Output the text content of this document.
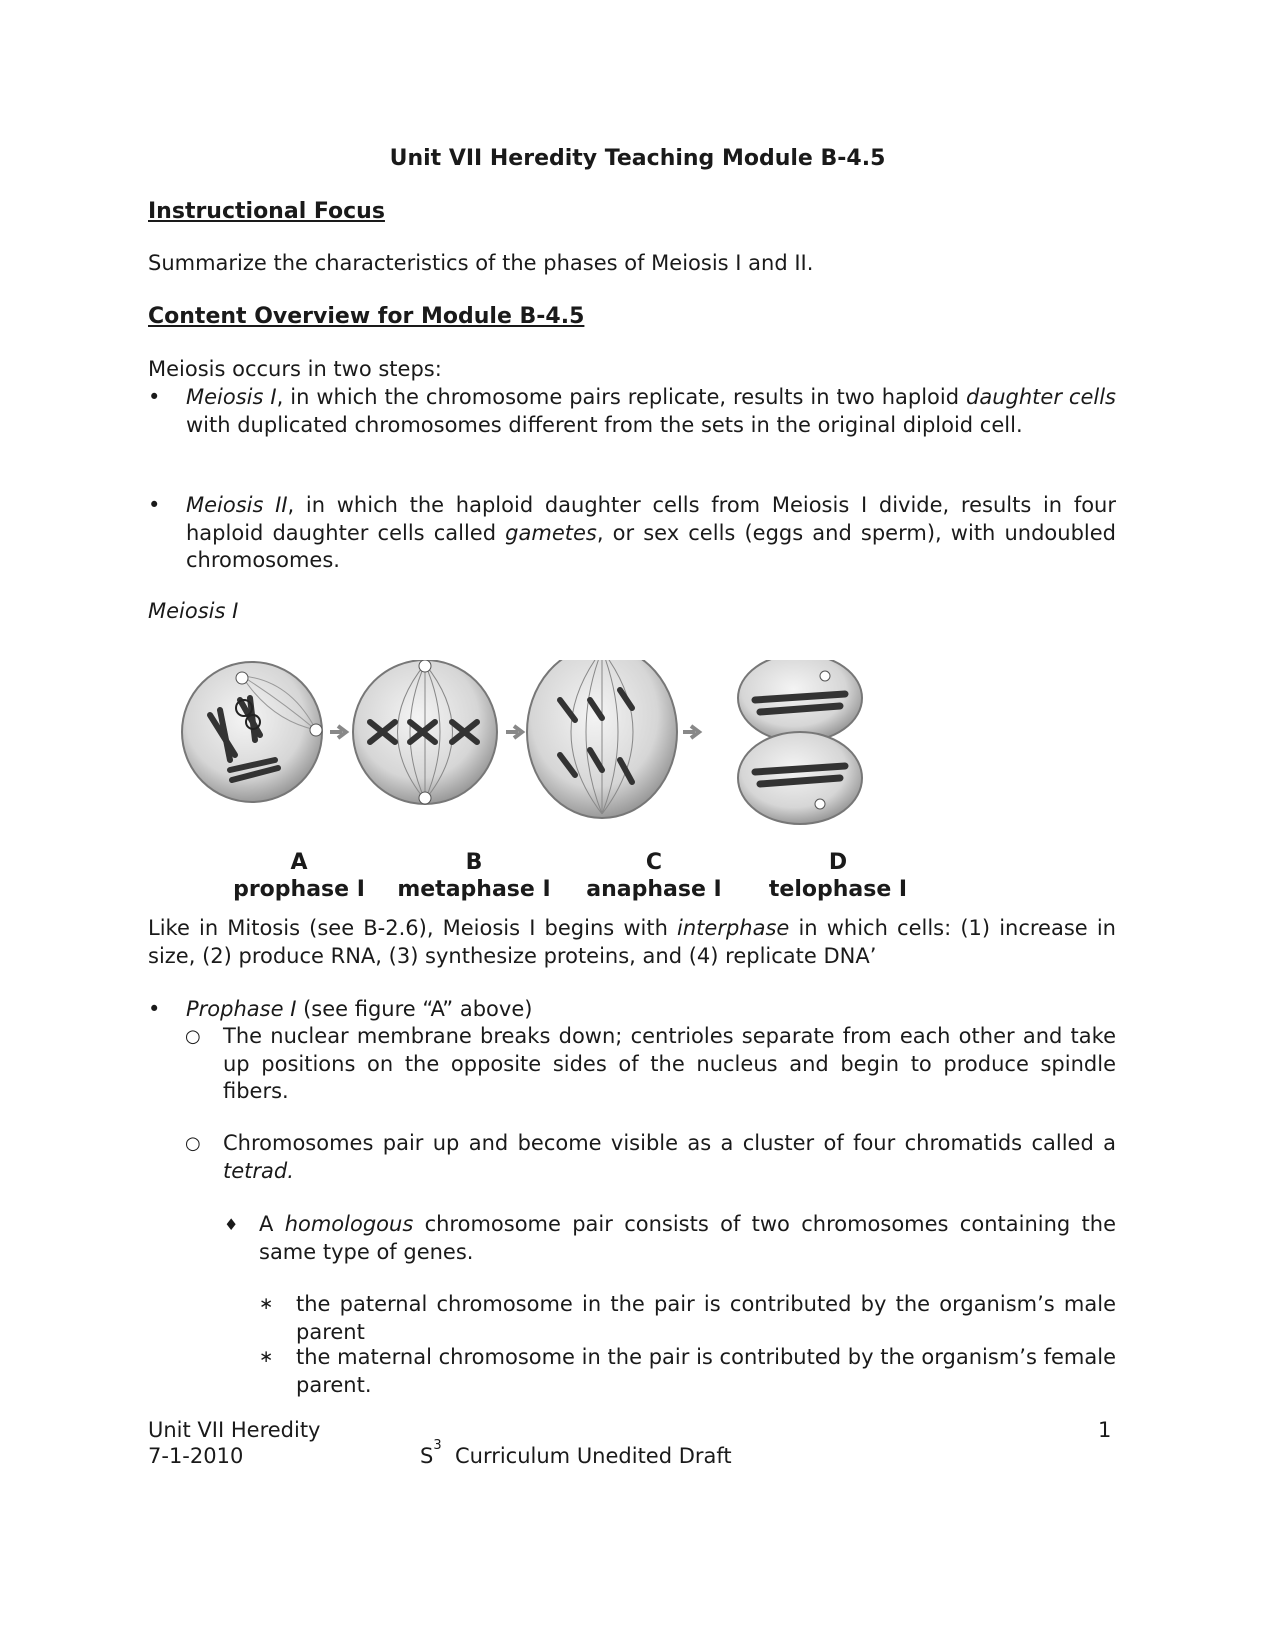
Unit VII Heredity Teaching Module B-4.5
Instructional Focus
Summarize the characteristics of the phases of Meiosis I and II.
Content Overview for Module B-4.5
Meiosis occurs in two steps:
• Meiosis I, in which the chromosome pairs replicate, results in two haploid daughter cells with duplicated chromosomes different from the sets in the original diploid cell.
• Meiosis II, in which the haploid daughter cells from Meiosis I divide, results in four haploid daughter cells called gametes, or sex cells (eggs and sperm), with undoubled chromosomes.
Meiosis I
A	B	C	D
prophase I metaphase I anaphase I telophase I
Like in Mitosis (see B-2.6), Meiosis I begins with interphase in which cells: (1) increase in size, (2) produce RNA, (3) synthesize proteins, and (4) replicate DNA’
• Prophase I (see figure “A” above)
○ The nuclear membrane breaks down; centrioles separate from each other and take up positions on the opposite sides of the nucleus and begin to produce spindle fibers.
○ Chromosomes pair up and become visible as a cluster of four chromatids called a tetrad.
♦ A homologous chromosome pair consists of two chromosomes containing the same type of genes.
∗ the paternal chromosome in the pair is contributed by the organism’s male parent
∗ the maternal chromosome in the pair is contributed by the organism’s female parent.
Unit VII Heredity	1
7-1-2010	$S^3$  Curriculum Unedited Draft
